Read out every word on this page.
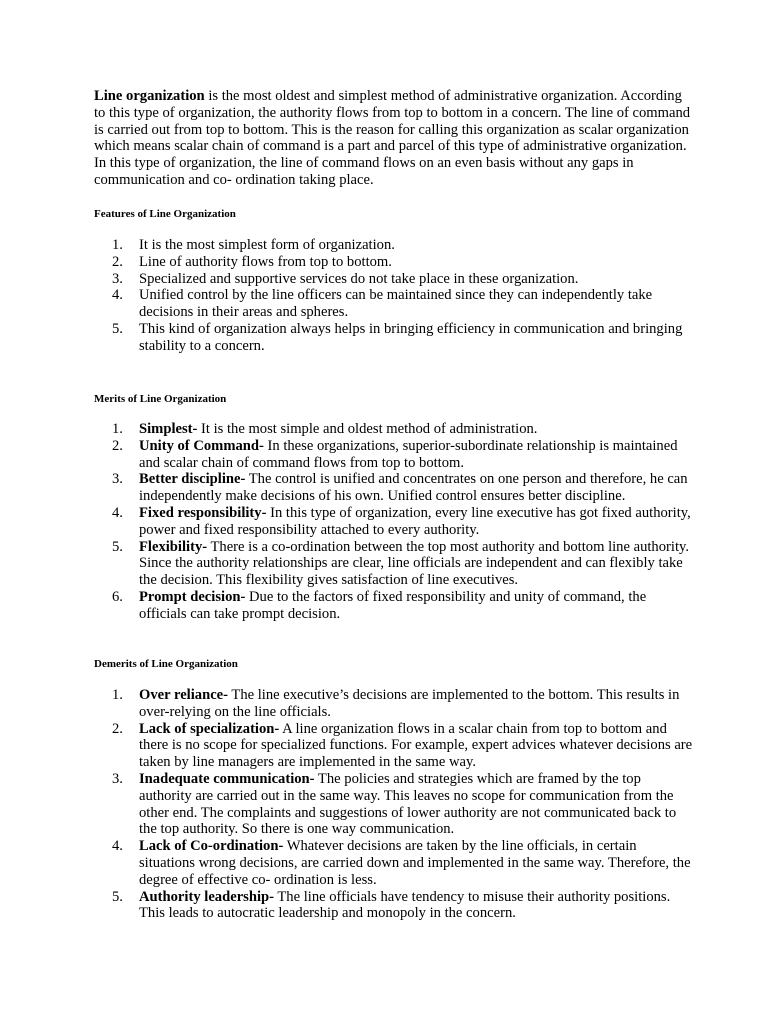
Line organization is the most oldest and simplest method of administrative organization. According to this type of organization, the authority flows from top to bottom in a concern. The line of command is carried out from top to bottom. This is the reason for calling this organization as scalar organization which means scalar chain of command is a part and parcel of this type of administrative organization. In this type of organization, the line of command flows on an even basis without any gaps in communication and co- ordination taking place.

Features of Line Organization

1. It is the most simplest form of organization.
2. Line of authority flows from top to bottom.
3. Specialized and supportive services do not take place in these organization.
4. Unified control by the line officers can be maintained since they can independently take decisions in their areas and spheres.
5. This kind of organization always helps in bringing efficiency in communication and bringing stability to a concern.

Merits of Line Organization

1. Simplest- It is the most simple and oldest method of administration.
2. Unity of Command- In these organizations, superior-subordinate relationship is maintained and scalar chain of command flows from top to bottom.
3. Better discipline- The control is unified and concentrates on one person and therefore, he can independently make decisions of his own. Unified control ensures better discipline.
4. Fixed responsibility- In this type of organization, every line executive has got fixed authority, power and fixed responsibility attached to every authority.
5. Flexibility- There is a co-ordination between the top most authority and bottom line authority. Since the authority relationships are clear, line officials are independent and can flexibly take the decision. This flexibility gives satisfaction of line executives.
6. Prompt decision- Due to the factors of fixed responsibility and unity of command, the officials can take prompt decision.

Demerits of Line Organization

1. Over reliance- The line executive’s decisions are implemented to the bottom. This results in over-relying on the line officials.
2. Lack of specialization- A line organization flows in a scalar chain from top to bottom and there is no scope for specialized functions. For example, expert advices whatever decisions are taken by line managers are implemented in the same way.
3. Inadequate communication- The policies and strategies which are framed by the top authority are carried out in the same way. This leaves no scope for communication from the other end. The complaints and suggestions of lower authority are not communicated back to the top authority. So there is one way communication.
4. Lack of Co-ordination- Whatever decisions are taken by the line officials, in certain situations wrong decisions, are carried down and implemented in the same way. Therefore, the degree of effective co- ordination is less.
5. Authority leadership- The line officials have tendency to misuse their authority positions. This leads to autocratic leadership and monopoly in the concern.
